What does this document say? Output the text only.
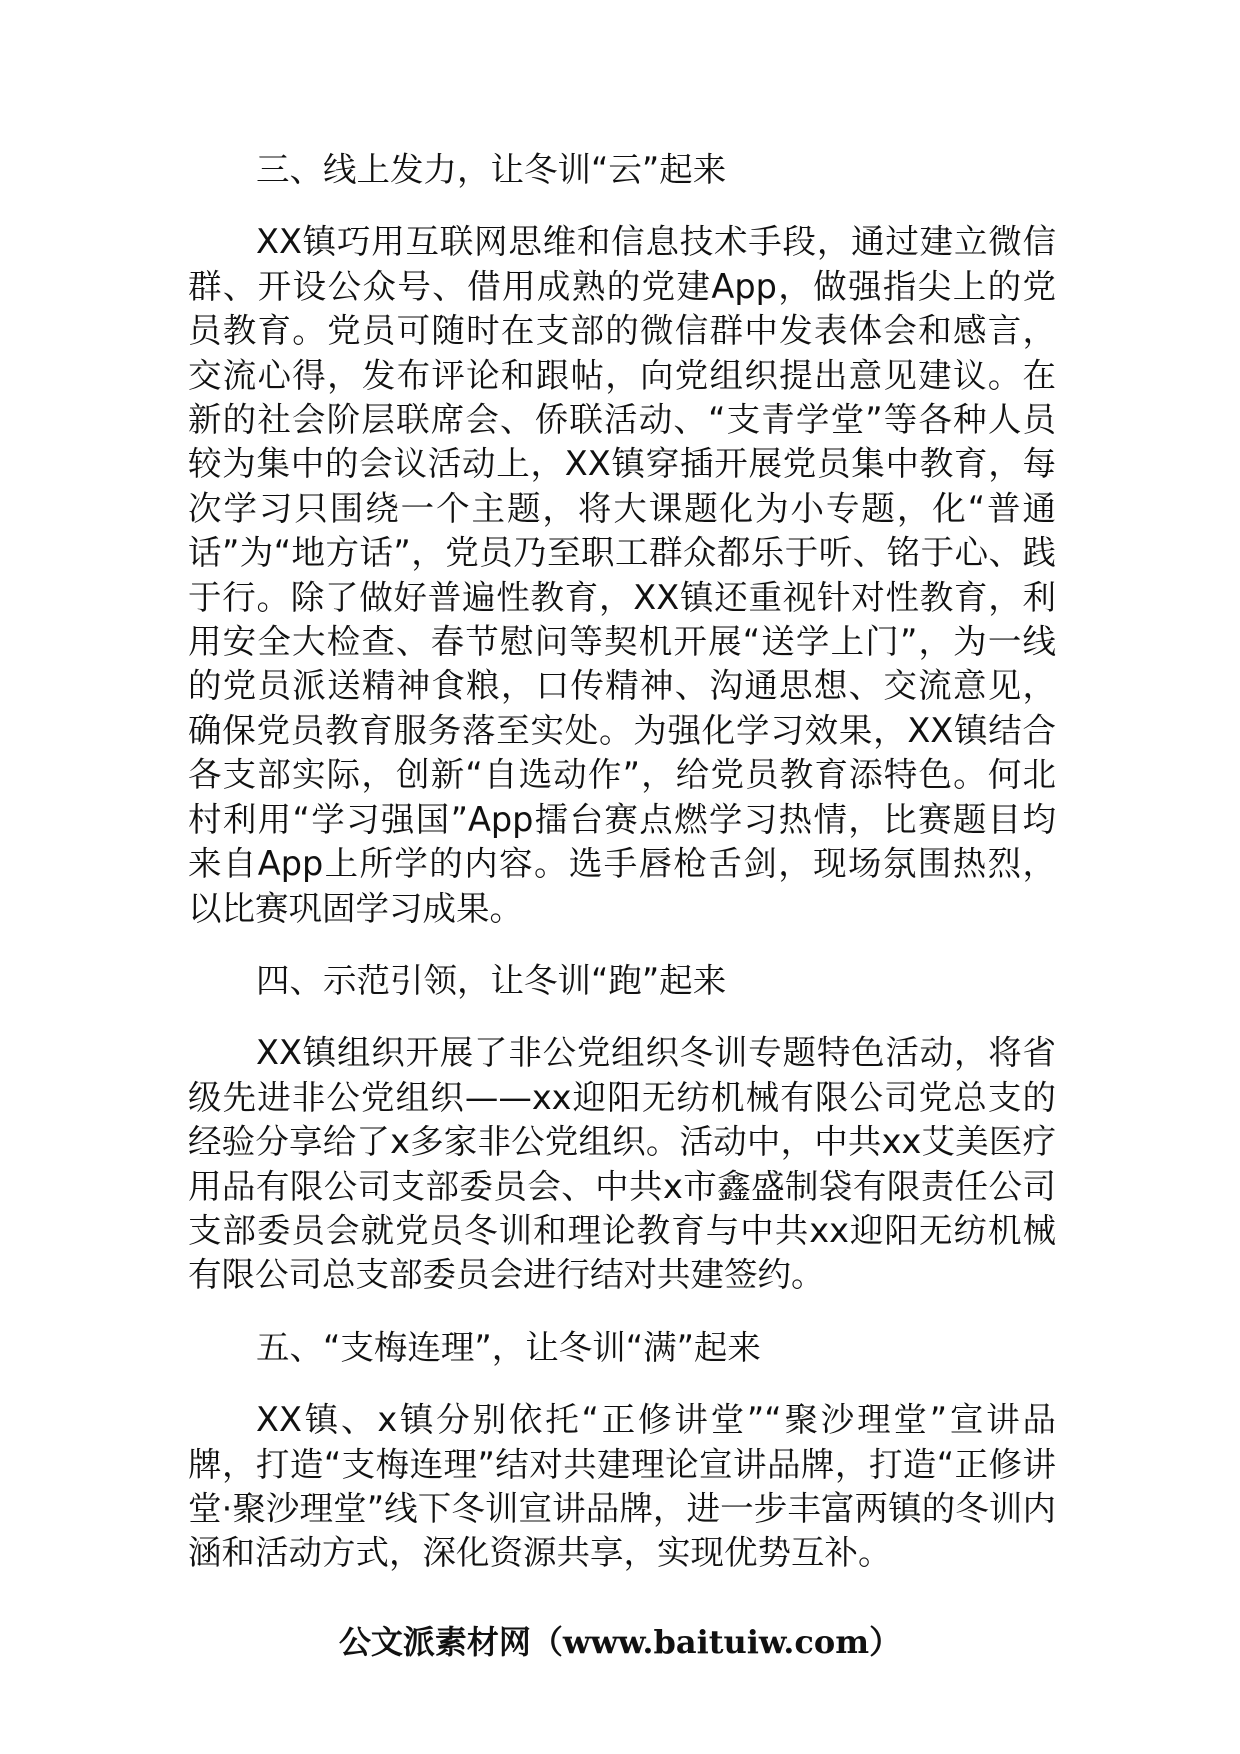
三、线上发力，让冬训“云”起来

XX镇巧用互联网思维和信息技术手段，通过建立微信群、开设公众号、借用成熟的党建App，做强指尖上的党员教育。党员可随时在支部的微信群中发表体会和感言，交流心得，发布评论和跟帖，向党组织提出意见建议。在新的社会阶层联席会、侨联活动、“支青学堂”等各种人员较为集中的会议活动上，XX镇穿插开展党员集中教育，每次学习只围绕一个主题，将大课题化为小专题，化“普通话”为“地方话”，党员乃至职工群众都乐于听、铭于心、践于行。除了做好普遍性教育，XX镇还重视针对性教育，利用安全大检查、春节慰问等契机开展“送学上门”，为一线的党员派送精神食粮，口传精神、沟通思想、交流意见，确保党员教育服务落至实处。为强化学习效果，XX镇结合各支部实际，创新“自选动作”，给党员教育添特色。何北村利用“学习强国”App擂台赛点燃学习热情，比赛题目均来自App上所学的内容。选手唇枪舌剑，现场氛围热烈，以比赛巩固学习成果。

四、示范引领，让冬训“跑”起来

XX镇组织开展了非公党组织冬训专题特色活动，将省级先进非公党组织——xx迎阳无纺机械有限公司党总支的经验分享给了x多家非公党组织。活动中，中共xx艾美医疗用品有限公司支部委员会、中共x市鑫盛制袋有限责任公司支部委员会就党员冬训和理论教育与中共xx迎阳无纺机械有限公司总支部委员会进行结对共建签约。

五、“支梅连理”，让冬训“满”起来

XX镇、x镇分别依托“正修讲堂”“聚沙理堂”宣讲品牌，打造“支梅连理”结对共建理论宣讲品牌，打造“正修讲堂·聚沙理堂”线下冬训宣讲品牌，进一步丰富两镇的冬训内涵和活动方式，深化资源共享，实现优势互补。

公文派素材网（www.baituiw.com）
